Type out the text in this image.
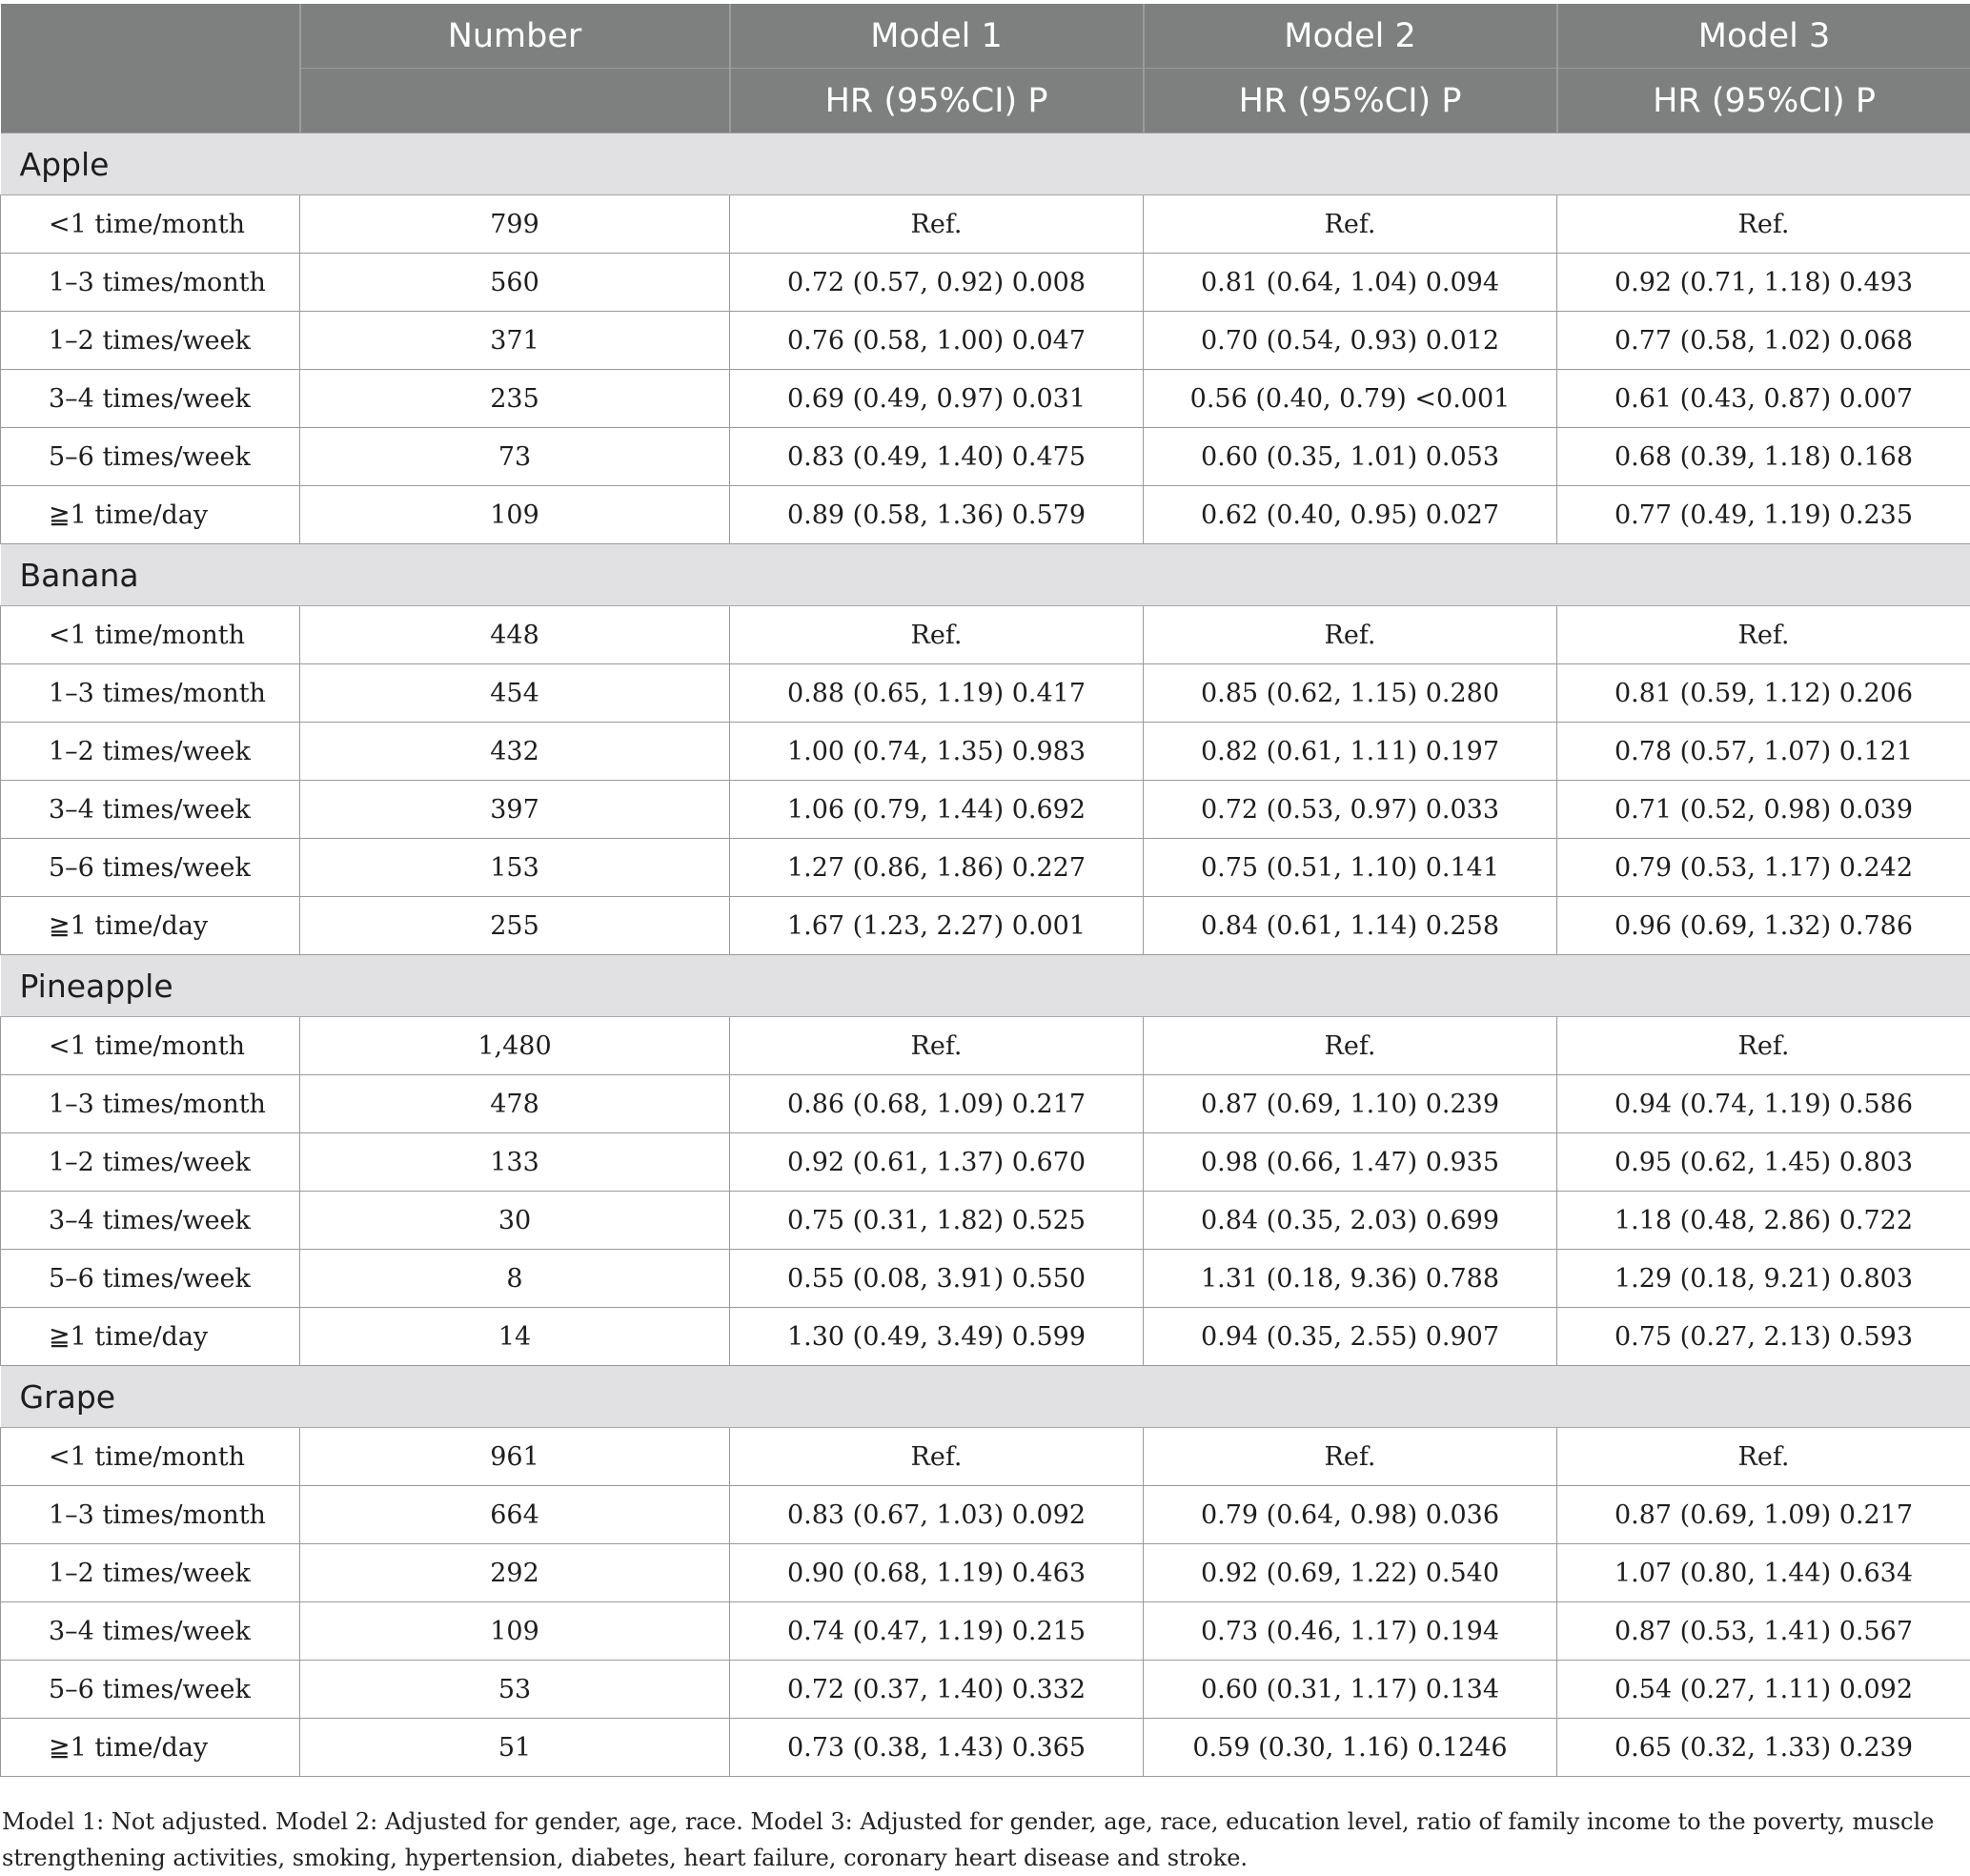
	Number	Model 1	Model 2	Model 3
		HR (95%CI) P	HR (95%CI) P	HR (95%CI) P
Apple				
<1 time/month	799	Ref.	Ref.	Ref.
1–3 times/month	560	0.72 (0.57, 0.92) 0.008	0.81 (0.64, 1.04) 0.094	0.92 (0.71, 1.18) 0.493
1–2 times/week	371	0.76 (0.58, 1.00) 0.047	0.70 (0.54, 0.93) 0.012	0.77 (0.58, 1.02) 0.068
3–4 times/week	235	0.69 (0.49, 0.97) 0.031	0.56 (0.40, 0.79) <0.001	0.61 (0.43, 0.87) 0.007
5–6 times/week	73	0.83 (0.49, 1.40) 0.475	0.60 (0.35, 1.01) 0.053	0.68 (0.39, 1.18) 0.168
≧1 time/day	109	0.89 (0.58, 1.36) 0.579	0.62 (0.40, 0.95) 0.027	0.77 (0.49, 1.19) 0.235
Banana				
<1 time/month	448	Ref.	Ref.	Ref.
1–3 times/month	454	0.88 (0.65, 1.19) 0.417	0.85 (0.62, 1.15) 0.280	0.81 (0.59, 1.12) 0.206
1–2 times/week	432	1.00 (0.74, 1.35) 0.983	0.82 (0.61, 1.11) 0.197	0.78 (0.57, 1.07) 0.121
3–4 times/week	397	1.06 (0.79, 1.44) 0.692	0.72 (0.53, 0.97) 0.033	0.71 (0.52, 0.98) 0.039
5–6 times/week	153	1.27 (0.86, 1.86) 0.227	0.75 (0.51, 1.10) 0.141	0.79 (0.53, 1.17) 0.242
≧1 time/day	255	1.67 (1.23, 2.27) 0.001	0.84 (0.61, 1.14) 0.258	0.96 (0.69, 1.32) 0.786
Pineapple				
<1 time/month	1,480	Ref.	Ref.	Ref.
1–3 times/month	478	0.86 (0.68, 1.09) 0.217	0.87 (0.69, 1.10) 0.239	0.94 (0.74, 1.19) 0.586
1–2 times/week	133	0.92 (0.61, 1.37) 0.670	0.98 (0.66, 1.47) 0.935	0.95 (0.62, 1.45) 0.803
3–4 times/week	30	0.75 (0.31, 1.82) 0.525	0.84 (0.35, 2.03) 0.699	1.18 (0.48, 2.86) 0.722
5–6 times/week	8	0.55 (0.08, 3.91) 0.550	1.31 (0.18, 9.36) 0.788	1.29 (0.18, 9.21) 0.803
≧1 time/day	14	1.30 (0.49, 3.49) 0.599	0.94 (0.35, 2.55) 0.907	0.75 (0.27, 2.13) 0.593
Grape				
<1 time/month	961	Ref.	Ref.	Ref.
1–3 times/month	664	0.83 (0.67, 1.03) 0.092	0.79 (0.64, 0.98) 0.036	0.87 (0.69, 1.09) 0.217
1–2 times/week	292	0.90 (0.68, 1.19) 0.463	0.92 (0.69, 1.22) 0.540	1.07 (0.80, 1.44) 0.634
3–4 times/week	109	0.74 (0.47, 1.19) 0.215	0.73 (0.46, 1.17) 0.194	0.87 (0.53, 1.41) 0.567
5–6 times/week	53	0.72 (0.37, 1.40) 0.332	0.60 (0.31, 1.17) 0.134	0.54 (0.27, 1.11) 0.092
≧1 time/day	51	0.73 (0.38, 1.43) 0.365	0.59 (0.30, 1.16) 0.1246	0.65 (0.32, 1.33) 0.239
Model 1: Not adjusted. Model 2: Adjusted for gender, age, race. Model 3: Adjusted for gender, age, race, education level, ratio of family income to the poverty, muscle strengthening activities, smoking, hypertension, diabetes, heart failure, coronary heart disease and stroke.
